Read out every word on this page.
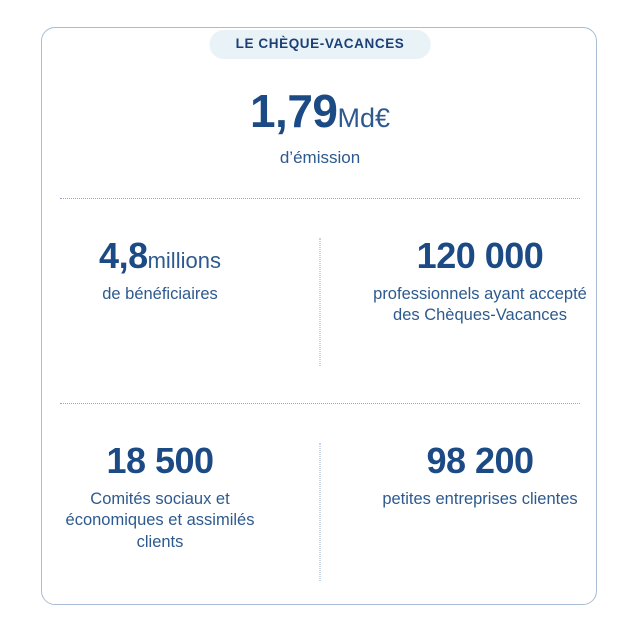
LE CHÈQUE-VACANCES
1,79Md€
d’émission
4,8millions
de bénéficiaires
120 000
professionnels ayant accepté des Chèques-Vacances
18 500
Comités sociaux et économiques et assimilés clients
98 200
petites entreprises clientes
